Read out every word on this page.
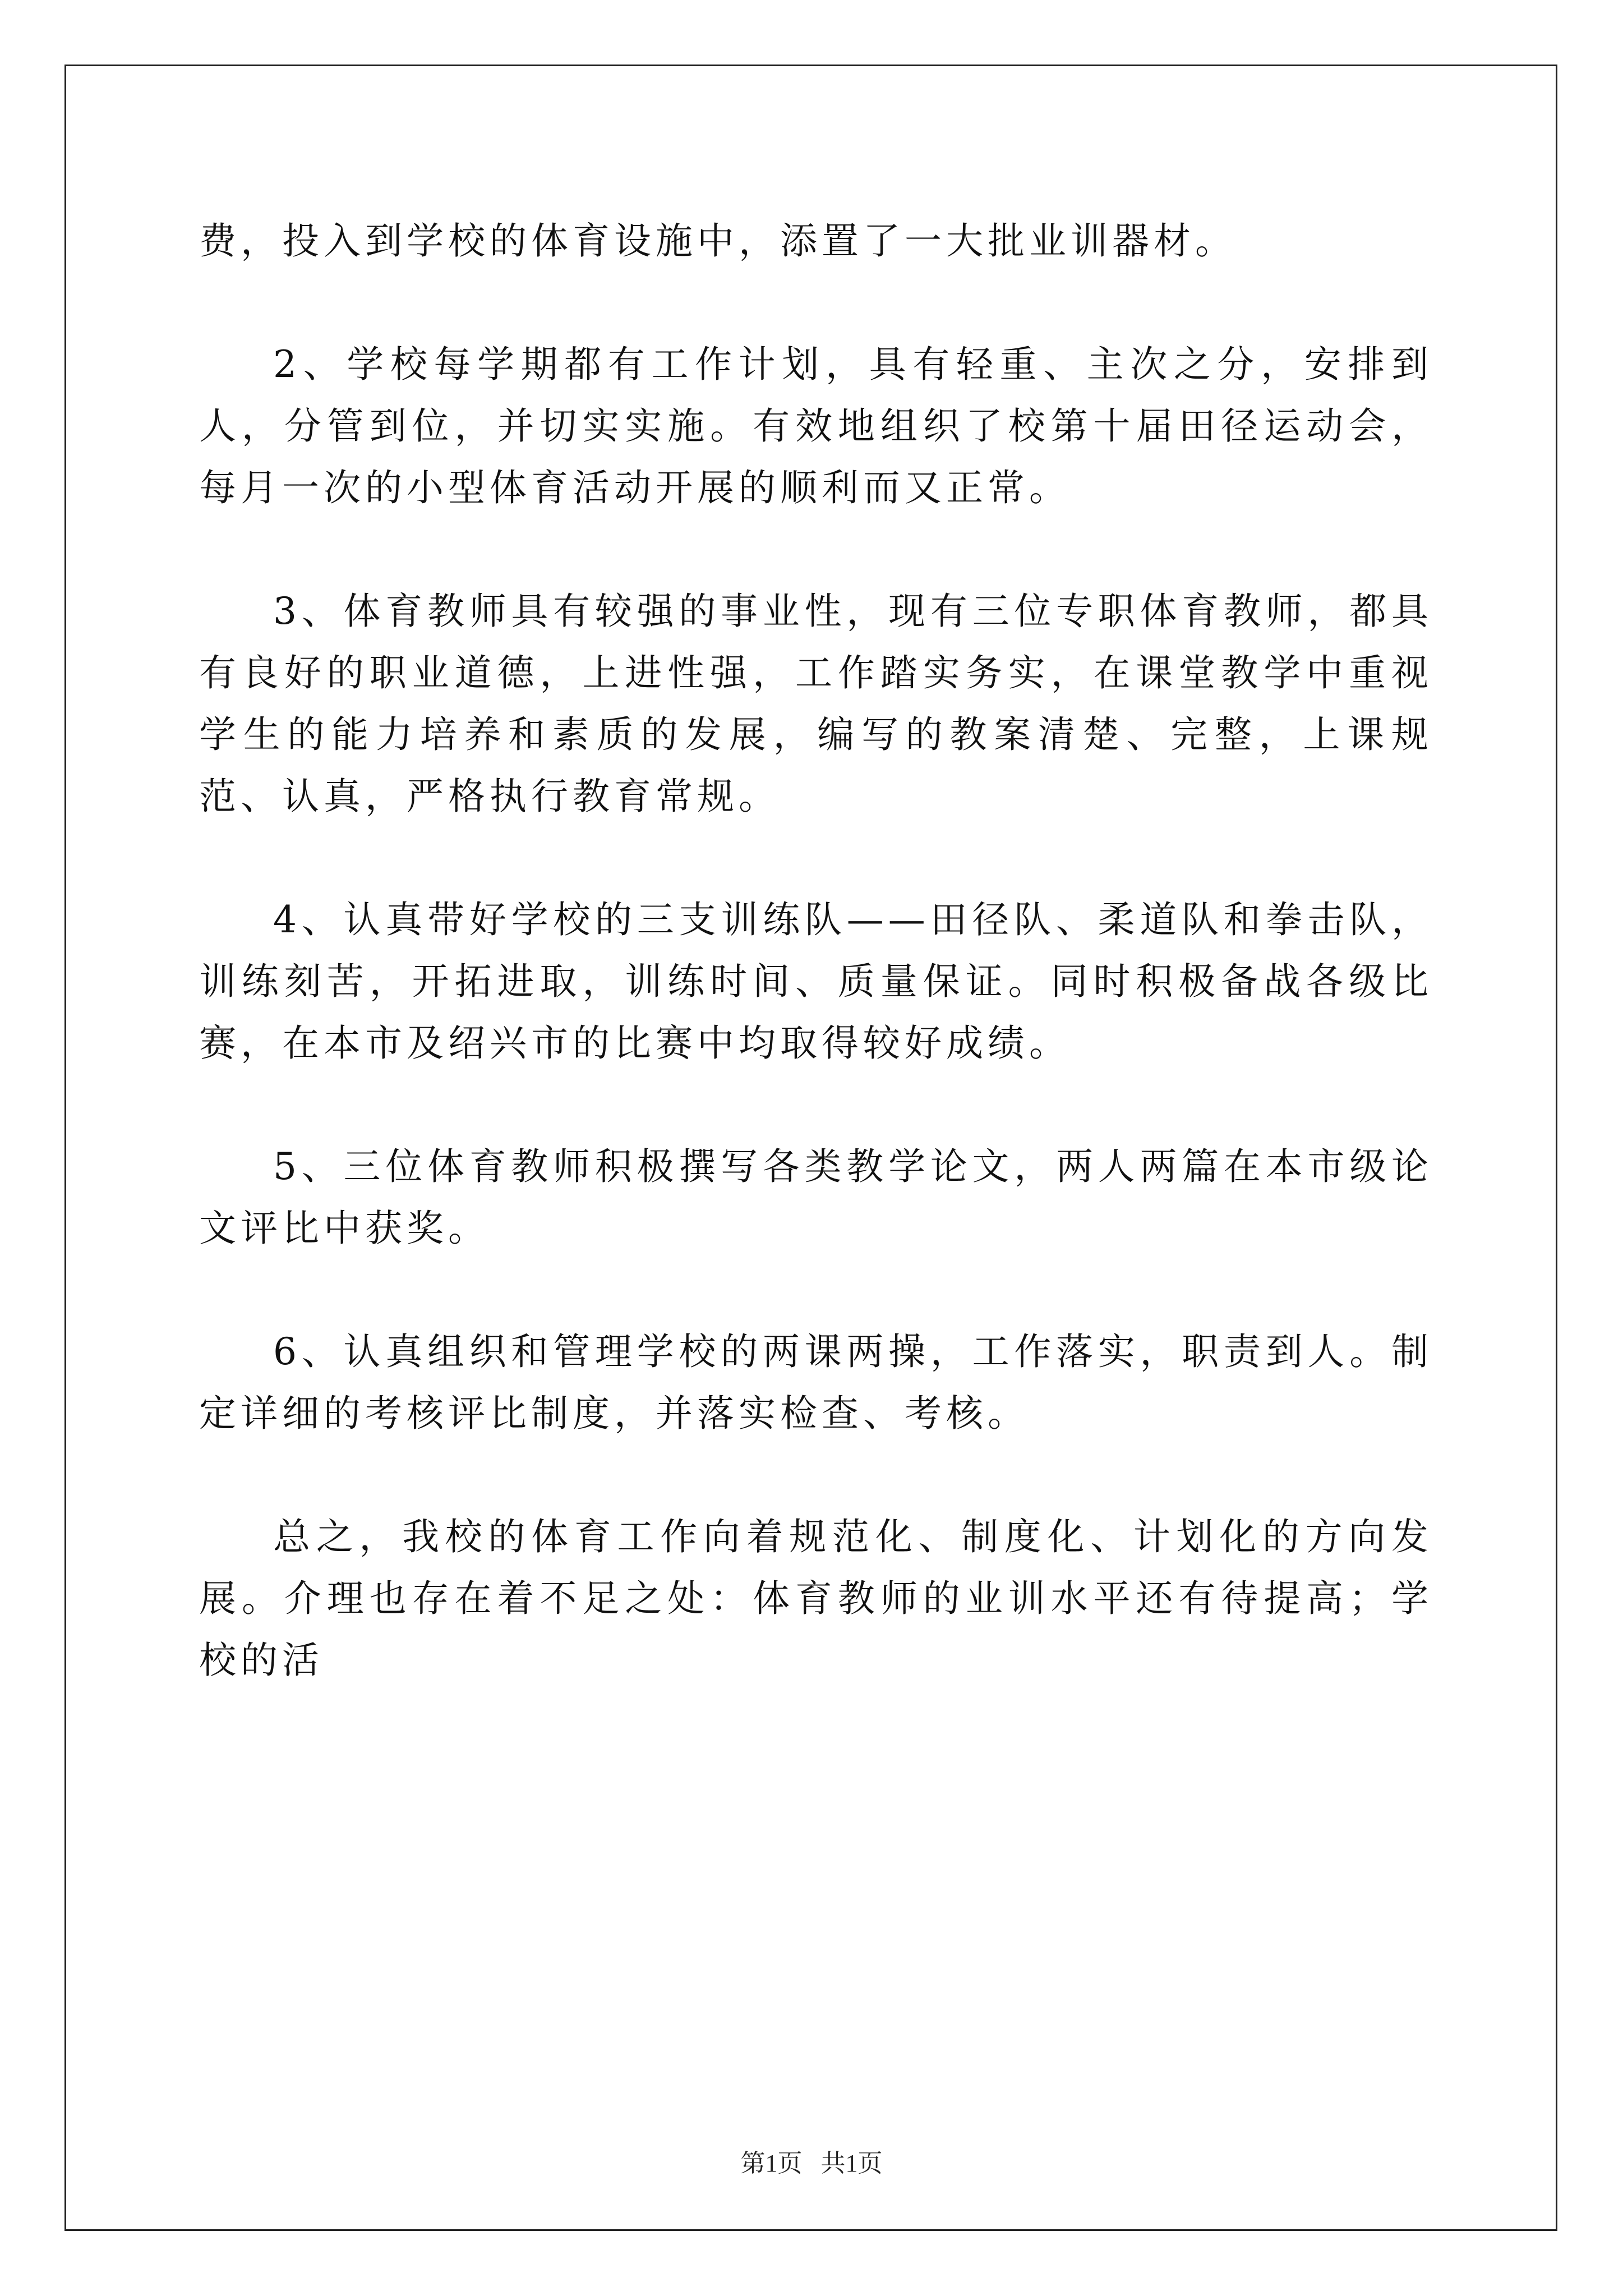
费，投入到学校的体育设施中，添置了一大批业训器材。

2、学校每学期都有工作计划，具有轻重、主次之分，安排到人，分管到位，并切实实施。有效地组织了校第十届田径运动会，每月一次的小型体育活动开展的顺利而又正常。

3、体育教师具有较强的事业性，现有三位专职体育教师，都具有良好的职业道德，上进性强，工作踏实务实，在课堂教学中重视学生的能力培养和素质的发展，编写的教案清楚、完整，上课规范、认真，严格执行教育常规。

4、认真带好学校的三支训练队——田径队、柔道队和拳击队，训练刻苦，开拓进取，训练时间、质量保证。同时积极备战各级比赛，在本市及绍兴市的比赛中均取得较好成绩。

5、三位体育教师积极撰写各类教学论文，两人两篇在本市级论文评比中获奖。

6、认真组织和管理学校的两课两操，工作落实，职责到人。制定详细的考核评比制度，并落实检查、考核。

总之，我校的体育工作向着规范化、制度化、计划化的方向发展。介理也存在着不足之处：体育教师的业训水平还有待提高；学校的活

第1页 共1页
